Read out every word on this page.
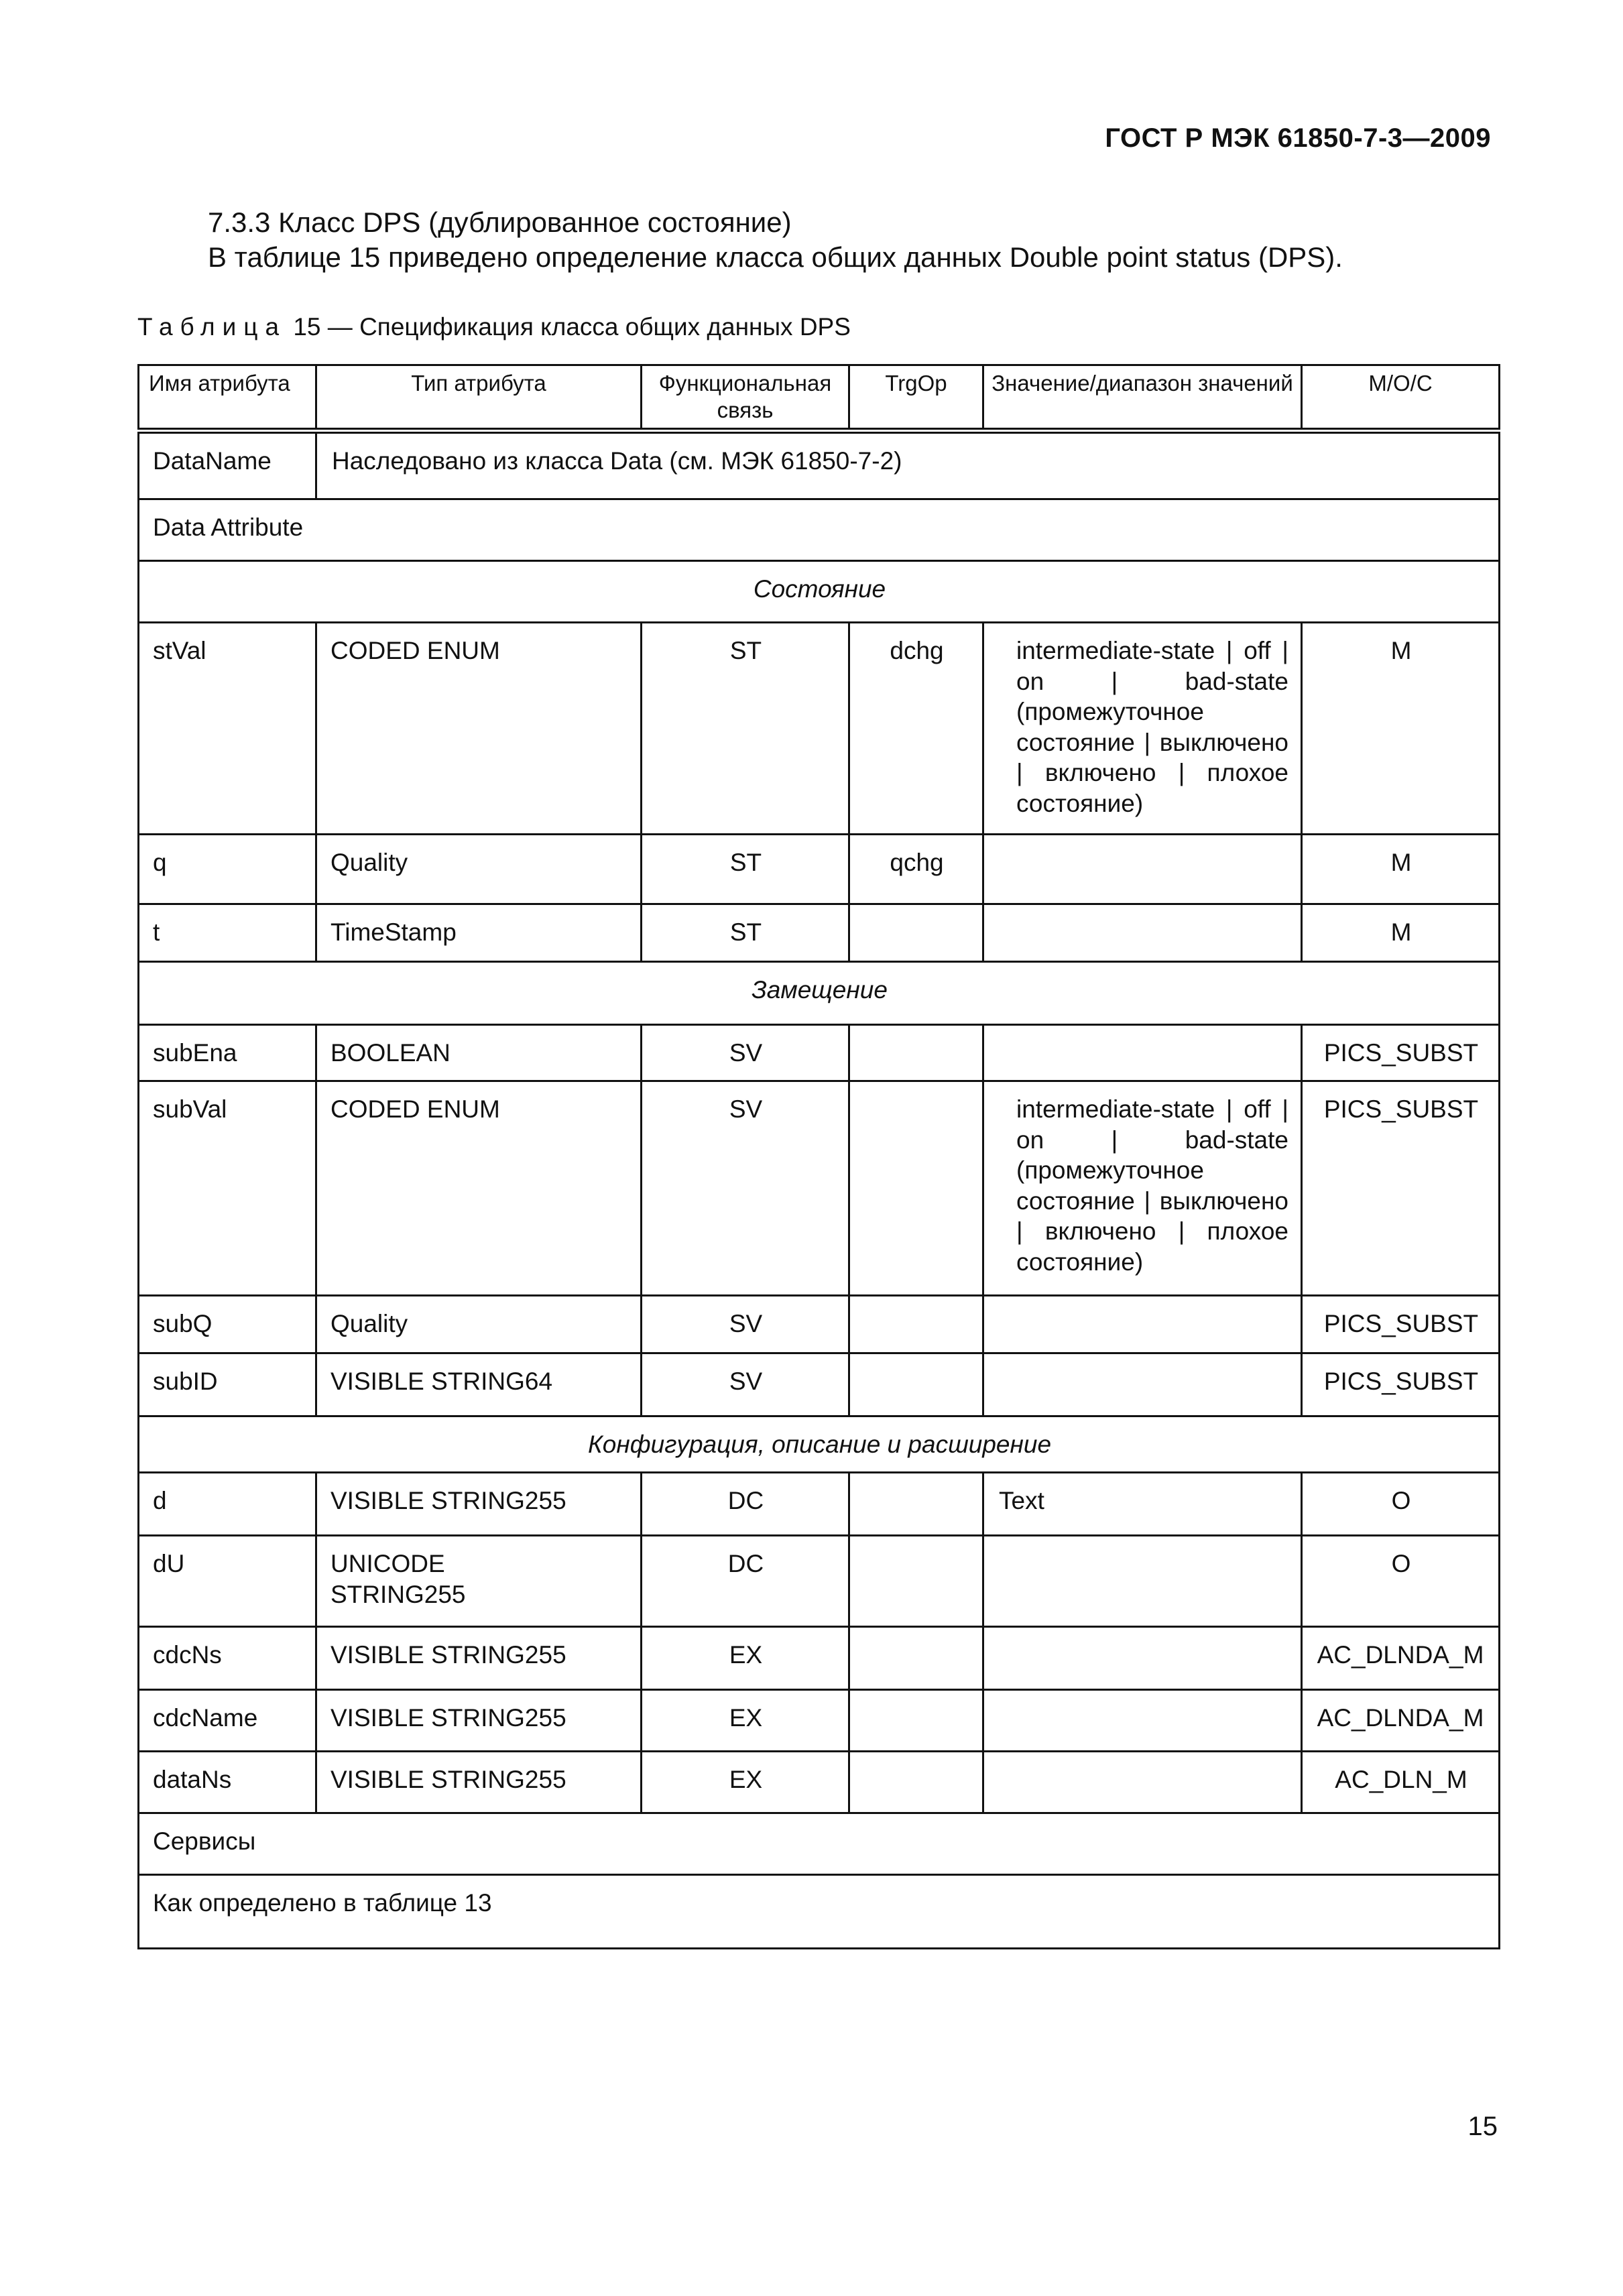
ГОСТ Р МЭК 61850-7-3—2009
7.3.3 Класс DPS (дублированное состояние)
В таблице 15 приведено определение класса общих данных Double point status (DPS).
Таблица 15 — Спецификация класса общих данных DPS
Имя атрибута	Тип атрибута	Функциональная связь	TrgOp	Значение/диапазон значений	М/О/С
DataName	Наследовано из класса Data (см. МЭК 61850-7-2)				
Data Attribute					
Состояние					
stVal	CODED ENUM	ST	dchg	intermediate-state | off | on | bad-state (промежуточное состояние | выключено | включено | плохое состояние)	M
q	Quality	ST	qchg		M
t	TimeStamp	ST			M
Замещение					
subEna	BOOLEAN	SV			PICS_SUBST
subVal	CODED ENUM	SV		intermediate-state | off | on | bad-state (промежуточное состояние | выключено | включено | плохое состояние)	PICS_SUBST
subQ	Quality	SV			PICS_SUBST
subID	VISIBLE STRING64	SV			PICS_SUBST
Конфигурация, описание и расширение					
d	VISIBLE STRING255	DC		Text	O
dU	UNICODE STRING255	DC			O
cdcNs	VISIBLE STRING255	EX			AC_DLNDA_M
cdcName	VISIBLE STRING255	EX			AC_DLNDA_M
dataNs	VISIBLE STRING255	EX			AC_DLN_M
Сервисы					
Как определено в таблице 13					
15
